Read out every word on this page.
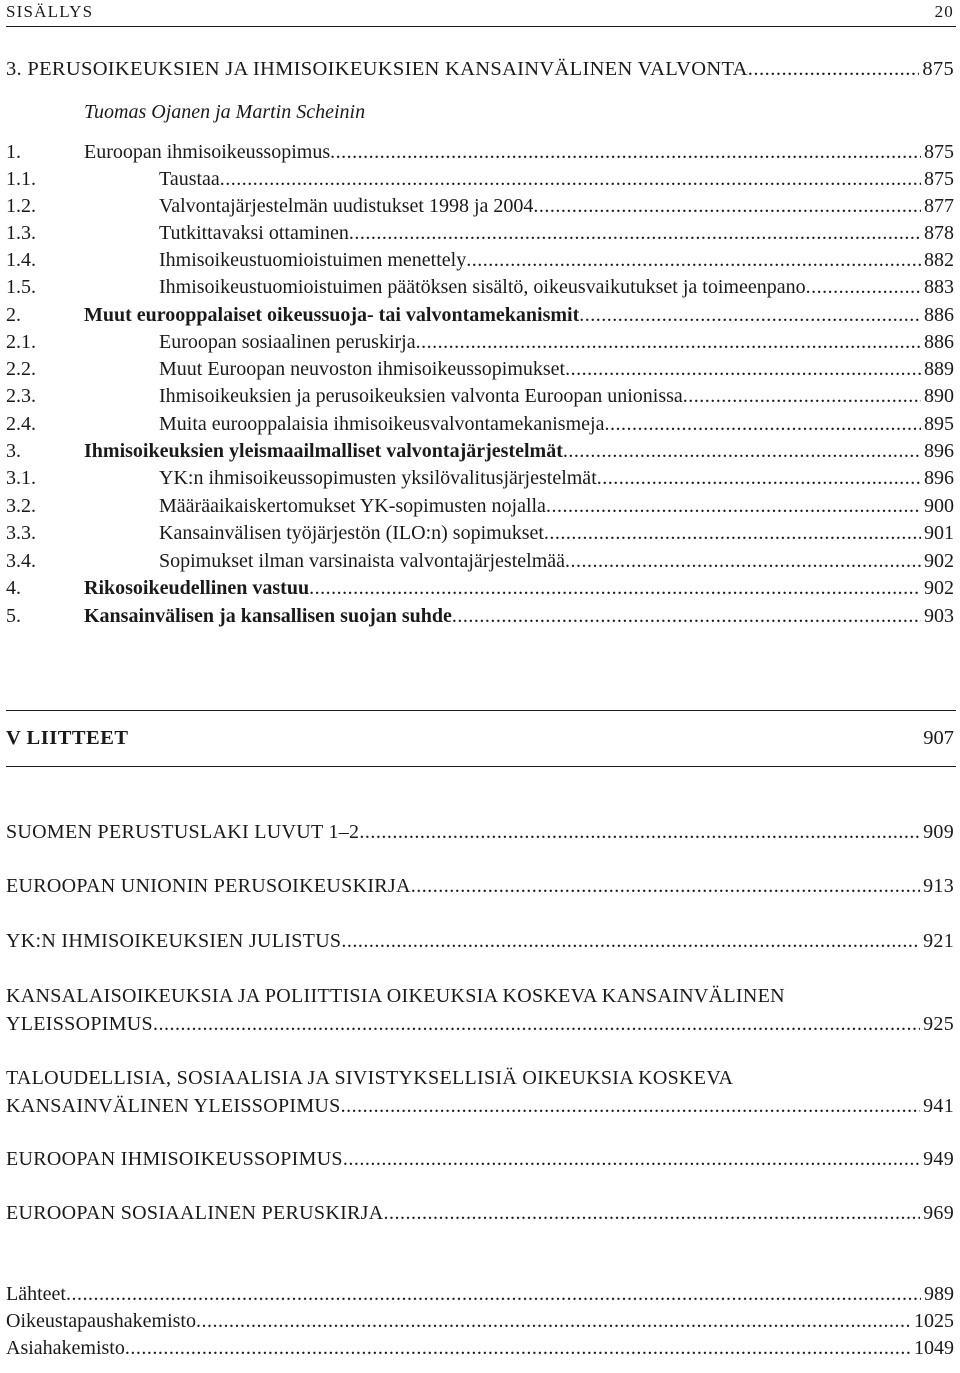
SISÄLLYS	20
3. PERUSOIKEUKSIEN JA IHMISOIKEUKSIEN KANSAINVÄLINEN VALVONTA .....	875
Tuomas Ojanen ja Martin Scheinin
1.	Euroopan ihmisoikeussopimus .....	875
1.1.	Taustaa .....	875
1.2.	Valvontajärjestelmän uudistukset 1998 ja 2004 .....	877
1.3.	Tutkittavaksi ottaminen .....	878
1.4.	Ihmisoikeustuomioistuimen menettely .....	882
1.5.	Ihmisoikeustuomioistuimen päätöksen sisältö, oikeusvaikutukset ja toimeenpano .....	883
2.	Muut eurooppalaiset oikeussuoja- tai valvontamekanismit .....	886
2.1.	Euroopan sosiaalinen peruskirja .....	886
2.2.	Muut Euroopan neuvoston ihmisoikeussopimukset .....	889
2.3.	Ihmisoikeuksien ja perusoikeuksien valvonta Euroopan unionissa .....	890
2.4.	Muita eurooppalaisia ihmisoikeusvalvontamekanismeja .....	895
3.	Ihmisoikeuksien yleismaailmalliset valvontajärjestelmät .....	896
3.1.	YK:n ihmisoikeussopimusten yksilövalitusjärjestelmät .....	896
3.2.	Määräaikaiskertomukset YK-sopimusten nojalla .....	900
3.3.	Kansainvälisen työjärjestön (ILO:n) sopimukset .....	901
3.4.	Sopimukset ilman varsinaista valvontajärjestelmää .....	902
4.	Rikosoikeudellinen vastuu .....	902
5.	Kansainvälisen ja kansallisen suojan suhde .....	903
V LIITTEET	907
SUOMEN PERUSTUSLAKI LUVUT 1–2 .....	909
EUROOPAN UNIONIN PERUSOIKEUSKIRJA .....	913
YK:N IHMISOIKEUKSIEN JULISTUS .....	921
KANSALAISOIKEUKSIA JA POLIITTISIA OIKEUKSIA KOSKEVA KANSAINVÄLINEN
YLEISSOPIMUS .....	925
TALOUDELLISIA, SOSIAALISIA JA SIVISTYKSELLISIÄ OIKEUKSIA KOSKEVA
KANSAINVÄLINEN YLEISSOPIMUS .....	941
EUROOPAN IHMISOIKEUSSOPIMUS .....	949
EUROOPAN SOSIAALINEN PERUSKIRJA .....	969
Lähteet .....	989
Oikeustapaushakemisto .....	1025
Asiahakemisto .....	1049
